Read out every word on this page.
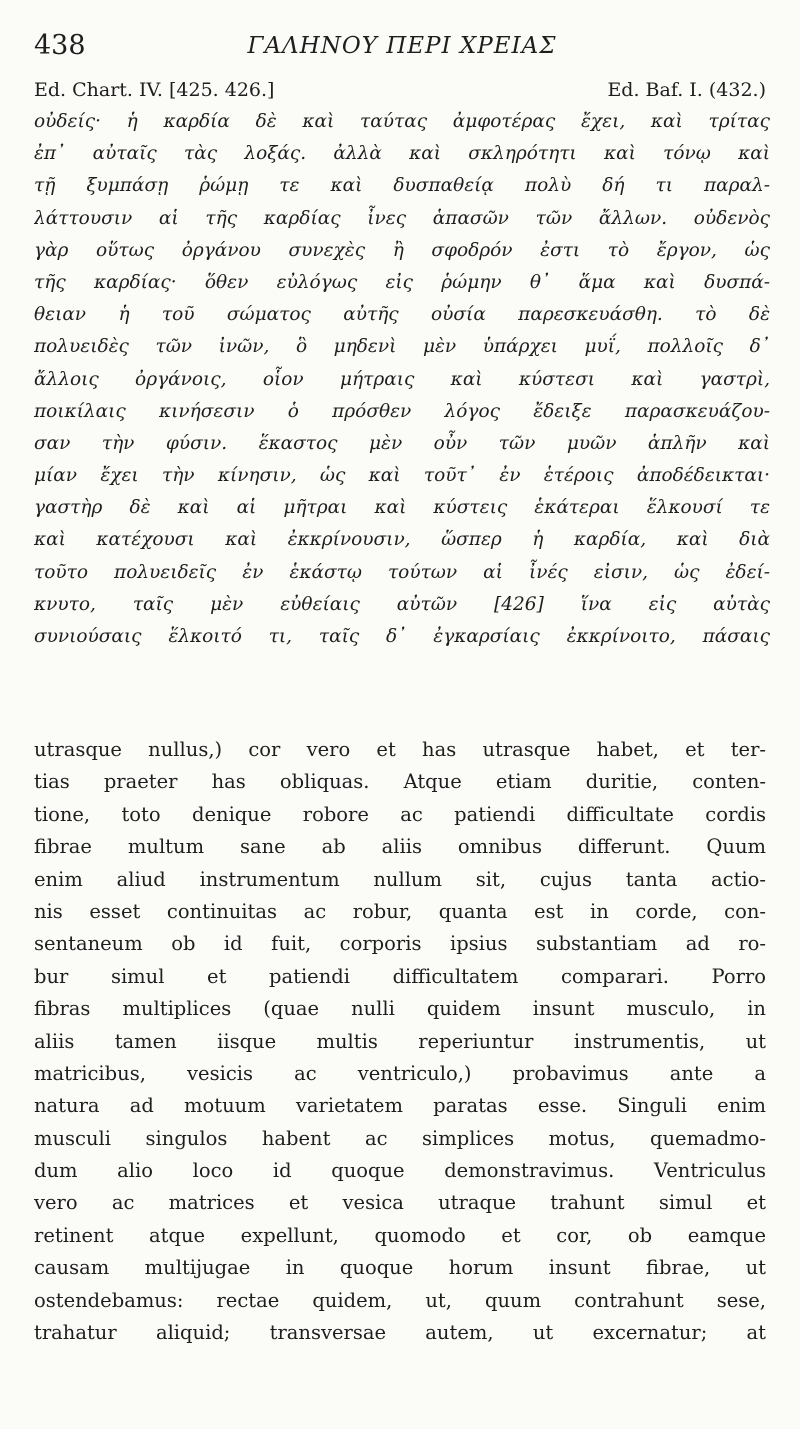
438	ΓΑΛΗΝΟΥ ΠΕΡΙ ΧΡΕΙΑΣ
Ed. Chart. IV. [425. 426.]	Ed. Baf. I. (432.)
οὐδείς· ἡ καρδία δὲ καὶ ταύτας ἀμφοτέρας ἔχει, καὶ τρίτας
ἐπ᾽ αὐταῖς τὰς λοξάς. ἀλλὰ καὶ σκληρότητι καὶ τόνῳ καὶ
τῇ ξυμπάσῃ ῥώμῃ τε καὶ δυσπαθείᾳ πολὺ δή τι παραλ-
λάττουσιν αἱ τῆς καρδίας ἶνες ἁπασῶν τῶν ἄλλων. οὐδενὸς
γὰρ οὕτως ὀργάνου συνεχὲς ἢ σφοδρόν ἐστι τὸ ἔργον, ὡς
τῆς καρδίας· ὅθεν εὐλόγως εἰς ῥώμην θ᾽ ἅμα καὶ δυσπά-
θειαν ἡ τοῦ σώματος αὐτῆς οὐσία παρεσκευάσθη. τὸ δὲ
πολυειδὲς τῶν ἰνῶν, ὃ μηδενὶ μὲν ὑπάρχει μυΐ, πολλοῖς δ᾽
ἄλλοις ὀργάνοις, οἷον μήτραις καὶ κύστεσι καὶ γαστρὶ,
ποικίλαις κινήσεσιν ὁ πρόσθεν λόγος ἔδειξε παρασκευάζου-
σαν τὴν φύσιν. ἕκαστος μὲν οὖν τῶν μυῶν ἁπλῆν καὶ
μίαν ἔχει τὴν κίνησιν, ὡς καὶ τοῦτ᾽ ἐν ἑτέροις ἀποδέδεικται·
γαστὴρ δὲ καὶ αἱ μῆτραι καὶ κύστεις ἑκάτεραι ἕλκουσί τε
καὶ κατέχουσι καὶ ἐκκρίνουσιν, ὥσπερ ἡ καρδία, καὶ διὰ
τοῦτο πολυειδεῖς ἐν ἑκάστῳ τούτων αἱ ἶνές εἰσιν, ὡς ἐδεί-
κνυτο, ταῖς μὲν εὐθείαις αὐτῶν [426] ἵνα εἰς αὐτὰς
συνιούσαις ἕλκοιτό τι, ταῖς δ᾽ ἐγκαρσίαις ἐκκρίνοιτο, πάσαις
utrasque nullus,) cor vero et has utrasque habet, et ter-
tias praeter has obliquas. Atque etiam duritie, conten-
tione, toto denique robore ac patiendi difficultate cordis
fibrae multum sane ab aliis omnibus differunt. Quum
enim aliud instrumentum nullum sit, cujus tanta actio-
nis esset continuitas ac robur, quanta est in corde, con-
sentaneum ob id fuit, corporis ipsius substantiam ad ro-
bur simul et patiendi difficultatem comparari. Porro
fibras multiplices (quae nulli quidem insunt musculo, in
aliis tamen iisque multis reperiuntur instrumentis, ut
matricibus, vesicis ac ventriculo,) probavimus ante a
natura ad motuum varietatem paratas esse. Singuli enim
musculi singulos habent ac simplices motus, quemadmo-
dum alio loco id quoque demonstravimus. Ventriculus
vero ac matrices et vesica utraque trahunt simul et
retinent atque expellunt, quomodo et cor, ob eamque
causam multijugae in quoque horum insunt fibrae, ut
ostendebamus: rectae quidem, ut, quum contrahunt sese,
trahatur aliquid; transversae autem, ut excernatur; at
